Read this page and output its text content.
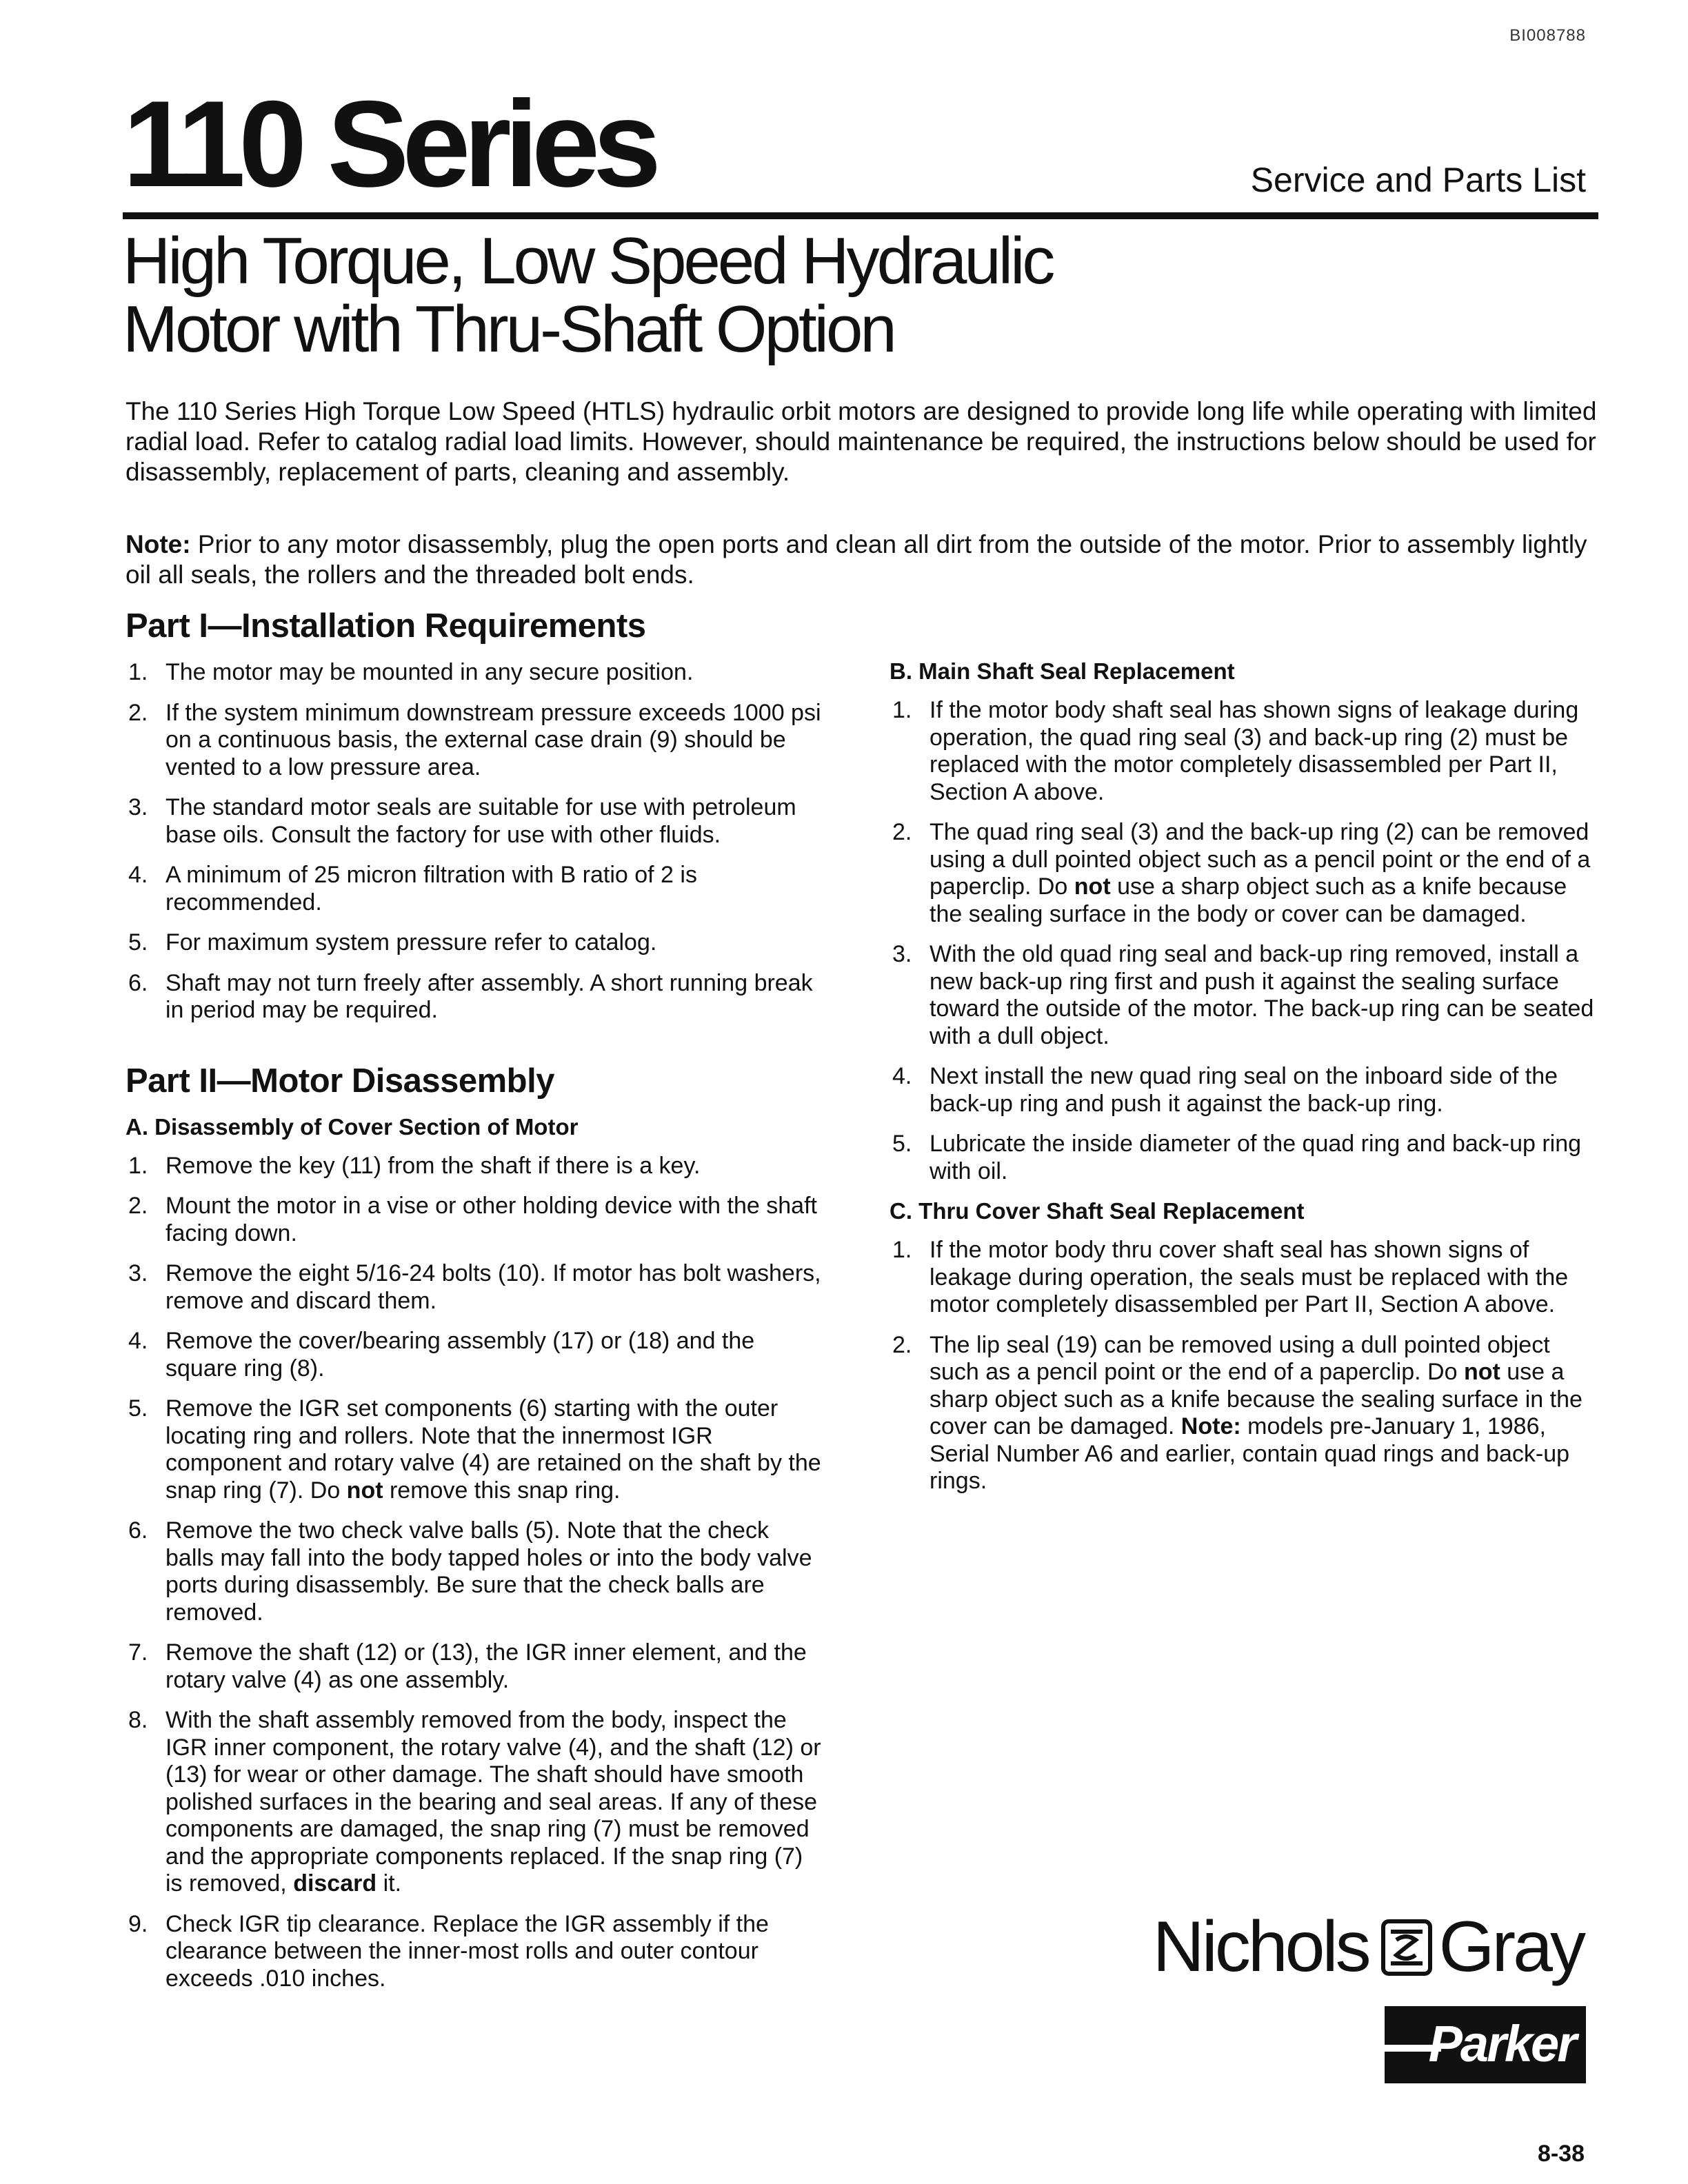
BI008788
110 Series	Service and Parts List
High Torque, Low Speed Hydraulic
Motor with Thru-Shaft Option

The 110 Series High Torque Low Speed (HTLS) hydraulic orbit motors are designed to provide long life while operating with limited radial load. Refer to catalog radial load limits. However, should maintenance be required, the instructions below should be used for disassembly, replacement of parts, cleaning and assembly.

Note: Prior to any motor disassembly, plug the open ports and clean all dirt from the outside of the motor. Prior to assembly lightly oil all seals, the rollers and the threaded bolt ends.

Part I—Installation Requirements
1. The motor may be mounted in any secure position.
2. If the system minimum downstream pressure exceeds 1000 psi on a continuous basis, the external case drain (9) should be vented to a low pressure area.
3. The standard motor seals are suitable for use with petroleum base oils. Consult the factory for use with other fluids.
4. A minimum of 25 micron filtration with B ratio of 2 is recommended.
5. For maximum system pressure refer to catalog.
6. Shaft may not turn freely after assembly. A short running break in period may be required.
Part II—Motor Disassembly
A. Disassembly of Cover Section of Motor
1. Remove the key (11) from the shaft if there is a key.
2. Mount the motor in a vise or other holding device with the shaft facing down.
3. Remove the eight 5/16-24 bolts (10). If motor has bolt washers, remove and discard them.
4. Remove the cover/bearing assembly (17) or (18) and the square ring (8).
5. Remove the IGR set components (6) starting with the outer locating ring and rollers. Note that the innermost IGR component and rotary valve (4) are retained on the shaft by the snap ring (7). Do not remove this snap ring.
6. Remove the two check valve balls (5). Note that the check balls may fall into the body tapped holes or into the body valve ports during disassembly. Be sure that the check balls are removed.
7. Remove the shaft (12) or (13), the IGR inner element, and the rotary valve (4) as one assembly.
8. With the shaft assembly removed from the body, inspect the IGR inner component, the rotary valve (4), and the shaft (12) or (13) for wear or other damage. The shaft should have smooth polished surfaces in the bearing and seal areas. If any of these components are damaged, the snap ring (7) must be removed and the appropriate components replaced. If the snap ring (7) is removed, discard it.
9. Check IGR tip clearance. Replace the IGR assembly if the clearance between the inner-most rolls and outer contour exceeds .010 inches.
B. Main Shaft Seal Replacement
1. If the motor body shaft seal has shown signs of leakage during operation, the quad ring seal (3) and back-up ring (2) must be replaced with the motor completely disassembled per Part II, Section A above.
2. The quad ring seal (3) and the back-up ring (2) can be removed using a dull pointed object such as a pencil point or the end of a paperclip. Do not use a sharp object such as a knife because the sealing surface in the body or cover can be damaged.
3. With the old quad ring seal and back-up ring removed, install a new back-up ring first and push it against the sealing surface toward the outside of the motor. The back-up ring can be seated with a dull object.
4. Next install the new quad ring seal on the inboard side of the back-up ring and push it against the back-up ring.
5. Lubricate the inside diameter of the quad ring and back-up ring with oil.
C. Thru Cover Shaft Seal Replacement
1. If the motor body thru cover shaft seal has shown signs of leakage during operation, the seals must be replaced with the motor completely disassembled per Part II, Section A above.
2. The lip seal (19) can be removed using a dull pointed object such as a pencil point or the end of a paperclip. Do not use a sharp object such as a knife because the sealing surface in the cover can be damaged. Note: models pre-January 1, 1986, Serial Number A6 and earlier, contain quad rings and back-up rings.
Nichols Gray
Parker
8-38
